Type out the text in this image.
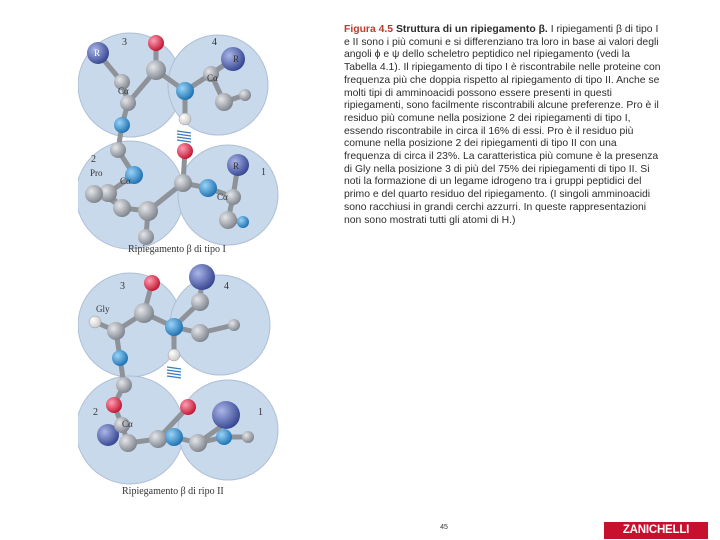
3	4
2
1
R
R
R
Pro
Cα
Cα
Cα
Cα
Ripiegamento β di tipo I
3	4
2	1
Gly
Cα
Ripiegamento β di ripo II
Figura 4.5 Struttura di un ripiegamento β. I ripiegamenti β di tipo I e II sono i più comuni e si differenziano tra loro in base ai valori degli angoli ϕ e ψ dello scheletro peptidico nel ripiegamento (vedi la Tabella 4.1). Il ripiegamento di tipo I è riscontrabile nelle proteine con frequenza più che doppia rispetto al ripiegamento di tipo II. Anche se molti tipi di amminoacidi possono essere presenti in questi ripiegamenti, sono facilmente riscontrabili alcune preferenze. Pro è il residuo più comune nella posizione 2 dei ripiegamenti di tipo I, essendo riscontrabile in circa il 16% di essi. Pro è il residuo più comune nella posizione 2 dei ripiegamenti di tipo II con una frequenza di circa il 23%. La caratteristica più comune è la presenza di Gly nella posizione 3 di più del 75% dei ripiegamenti di tipo II. Si noti la formazione di un legame idrogeno tra i gruppi peptidici del primo e del quarto residuo del ripiegamento. (I singoli amminoacidi sono racchiusi in grandi cerchi azzurri. In queste rappresentazioni non sono mostrati tutti gli atomi di H.)
45	ZANICHELLI
